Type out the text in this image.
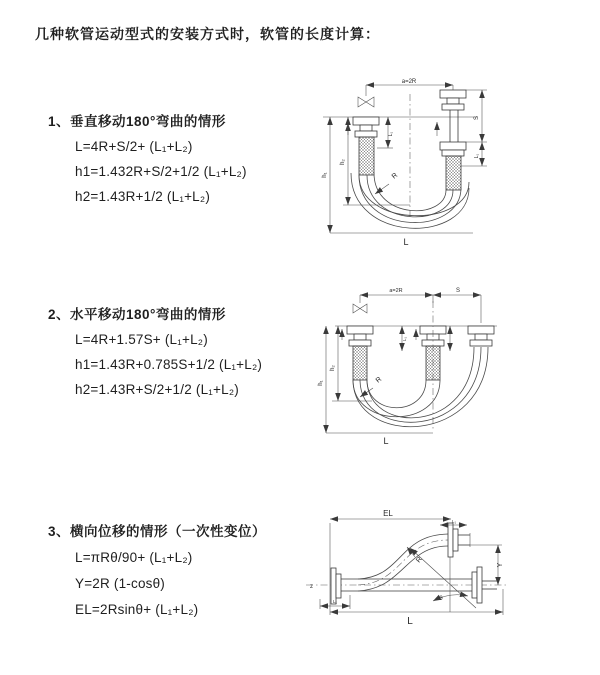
几种软管运动型式的安装方式时，软管的长度计算：
1、垂直移动180°弯曲的情形
L=4R+S/2+ (L₁+L₂)
h1=1.432R+S/2+1/2 (L₁+L₂)
h2=1.43R+1/2 (L₁+L₂)
2、水平移动180°弯曲的情形
L=4R+1.57S+ (L₁+L₂)
h1=1.43R+0.785S+1/2 (L₁+L₂)
h2=1.43R+S/2+1/2 (L₁+L₂)
3、横向位移的情形（一次性变位）
L=πRθ/90+ (L₁+L₂)
Y=2R (1-cosθ)
EL=2Rsinθ+ (L₁+L₂)
a=2R
L₁
S
L₁
R
h₁
h₂
L
a=2R	S
L₁
R
h₁
h₂
L
z
EL
L₁
Y
θ
R
L₁
L
